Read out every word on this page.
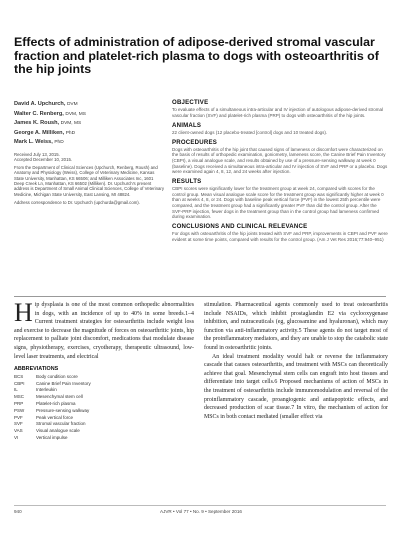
Effects of administration of adipose-derived stromal vascular fraction and platelet-rich plasma to dogs with osteoarthritis of the hip joints
David A. Upchurch, DVM
Walter C. Renberg, DVM, MS
James K. Roush, DVM, MS
George A. Milliken, PhD
Mark L. Weiss, PhD
Received July 13, 2015.
Accepted December 10, 2015.
From the Department of Clinical Sciences (Upchurch, Renberg, Roush) and Anatomy and Physiology (Weiss), College of Veterinary Medicine, Kansas State University, Manhattan, KS 66506; and Milliken Associates Inc, 1601 Deep Creek Ln, Manhattan, KS 66502 (Milliken). Dr. Upchurch's present address is Department of Small Animal Clinical Sciences, College of Veterinary Medicine, Michigan State University, East Lansing, MI 48824.
Address correspondence to Dr. Upchurch (upchurda@gmail.com).
OBJECTIVE
To evaluate effects of a simultaneous intra-articular and IV injection of autologous adipose-derived stromal vascular fraction (SVF) and platelet-rich plasma (PRP) to dogs with osteoarthritis of the hip joints.
ANIMALS
22 client-owned dogs (12 placebo-treated [control] dogs and 10 treated dogs).
PROCEDURES
Dogs with osteoarthritis of the hip joint that caused signs of lameness or discomfort were characterized on the basis of results of orthopedic examination, goniometry, lameness score, the Canine Brief Pain Inventory (CBPI), a visual analogue scale, and results obtained by use of a pressure-sensing walkway at week 0 (baseline). Dogs received a simultaneous intra-articular and IV injection of SVF and PRP or a placebo. Dogs were examined again 4, 8, 12, and 24 weeks after injection.
RESULTS
CBPI scores were significantly lower for the treatment group at week 24, compared with scores for the control group. Mean visual analogue scale score for the treatment group was significantly higher at week 0 than at weeks 4, 8, or 24. Dogs with baseline peak vertical force (PVF) in the lowest 25th percentile were compared, and the treatment group had a significantly greater PVF than did the control group. After the SVF-PRP injection, fewer dogs in the treatment group than in the control group had lameness confirmed during examination.
CONCLUSIONS AND CLINICAL RELEVANCE
For dogs with osteoarthritis of the hip joints treated with SVF and PRP, improvements in CBPI and PVF were evident at some time points, compared with results for the control group. (Am J Vet Res 2016;77:940–951)

Hip dysplasia is one of the most common orthopedic abnormalities in dogs, with an incidence of up to 40% in some breeds.1–4 Current treatment strategies for osteoarthritis include weight loss and exercise to decrease the magnitude of forces on osteoarthritic joints, hip replacement to palliate joint discomfort, medications that modulate disease signs, physiotherapy, exercises, cryotherapy, therapeutic ultrasound, low-level laser treatments, and electrical

ABBREVIATIONS
BCS	Body condition score
CBPI	Canine Brief Pain Inventory
IL	Interleukin
MSC	Mesenchymal stem cell
PRP	Platelet-rich plasma
PSW	Pressure-sensing walkway
PVF	Peak vertical force
SVF	Stromal vascular fraction
VAS	Visual analogue scale
VI	Vertical impulse

stimulation. Pharmaceutical agents commonly used to treat osteoarthritis include NSAIDs, which inhibit prostaglandin E2 via cyclooxygenase inhibition, and nutraceuticals (eg, glucosamine and hyaluronan), which may function via anti-inflammatory activity.5 These agents do not target most of the proinflammatory mediators, and they are unable to stop the catabolic state found in osteoarthritic joints.

An ideal treatment modality would halt or reverse the inflammatory cascade that causes osteoarthritis, and treatment with MSCs can theoretically achieve that goal. Mesenchymal stem cells can engraft into host tissues and differentiate into target cells.6 Proposed mechanisms of action of MSCs in the treatment of osteoarthritis include immunomodulation and reversal of the proinflammatory cascade, proangiogenic and antiapoptotic effects, and decreased production of scar tissue.7 In vitro, the mechanism of action for MSCs in both contact mediated (smaller effect via

940	AJVR • Vol 77 • No. 9 • September 2016
